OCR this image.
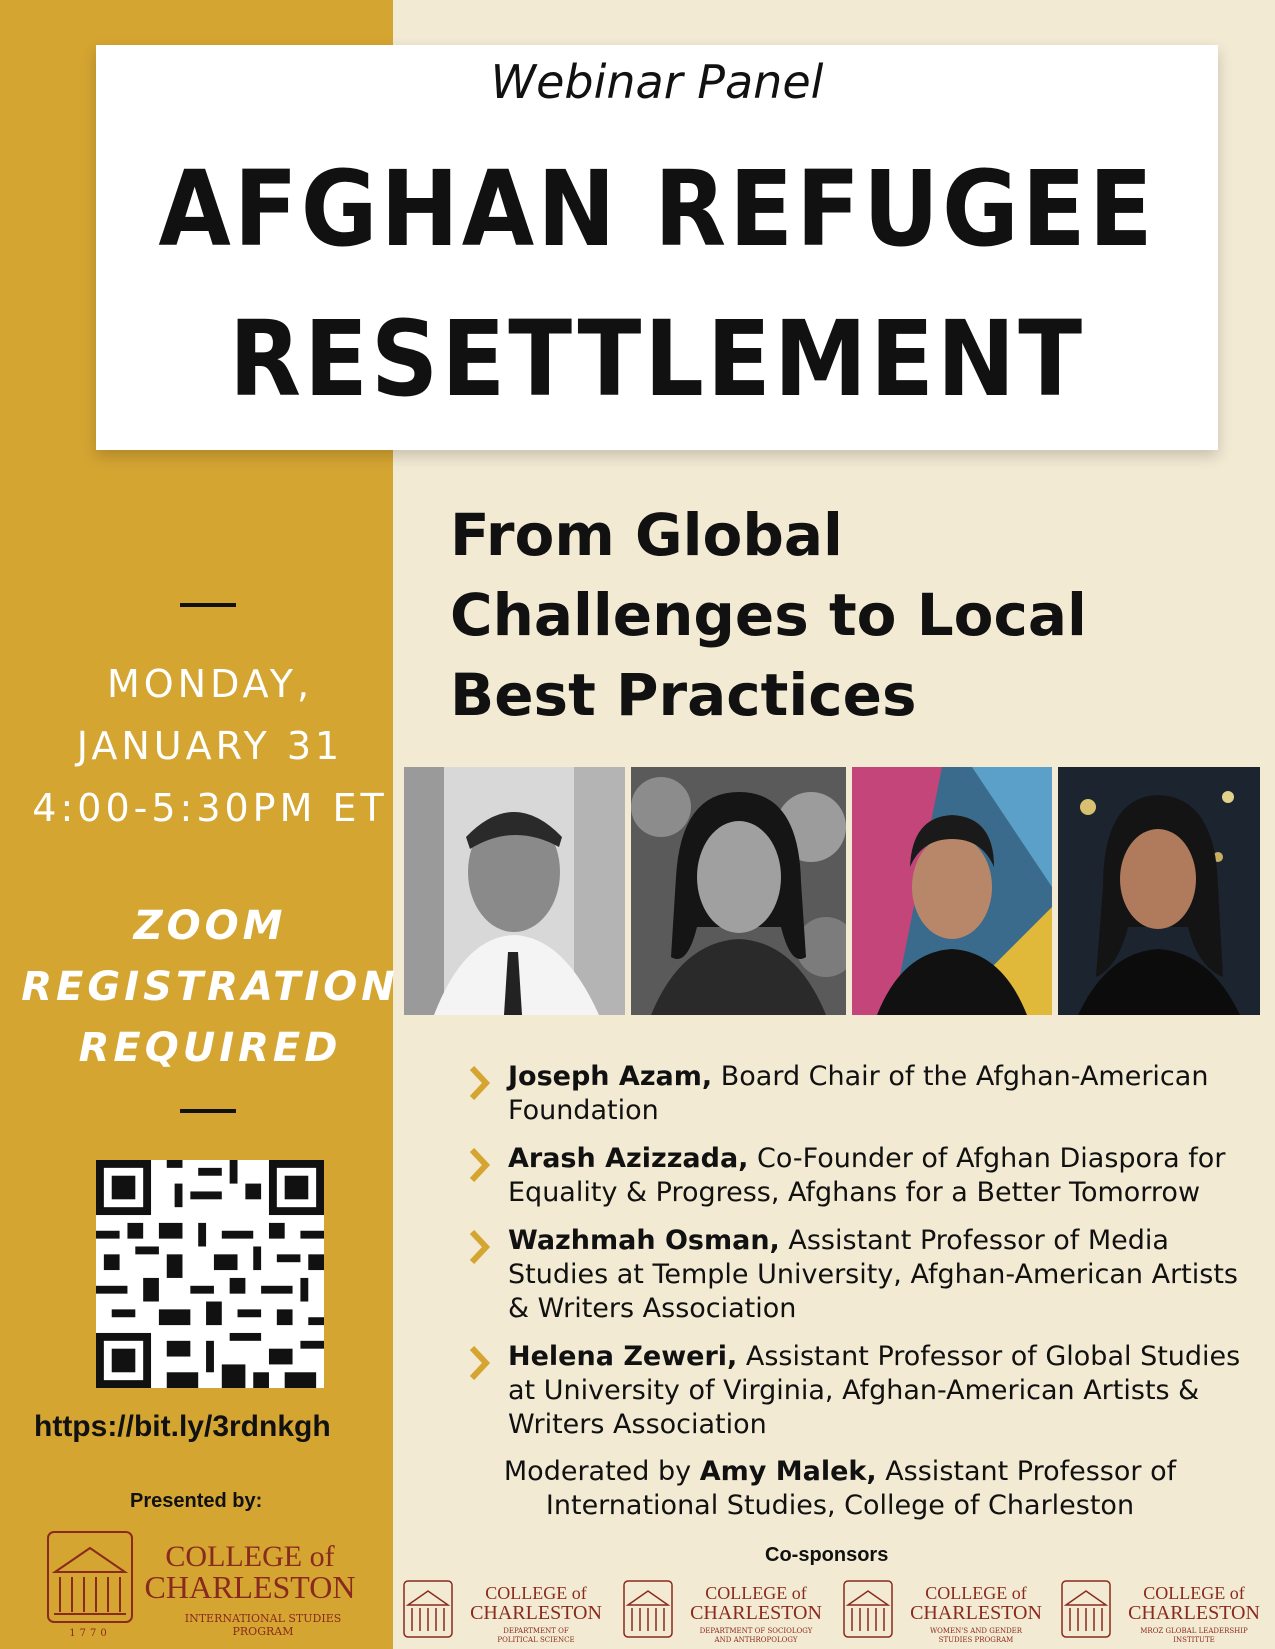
Webinar Panel
AFGHAN REFUGEE
RESETTLEMENT
From Global
Challenges to Local
Best Practices
MONDAY,
JANUARY 31
4:00-5:30PM ET
ZOOM
REGISTRATION
REQUIRED
https://bit.ly/3rdnkgh
Presented by:
1770
COLLEGE of
CHARLESTON
INTERNATIONAL STUDIES
PROGRAM
Joseph Azam, Board Chair of the Afghan-American Foundation
Arash Azizzada, Co-Founder of Afghan Diaspora for Equality & Progress, Afghans for a Better Tomorrow
Wazhmah Osman, Assistant Professor of Media Studies at Temple University, Afghan-American Artists & Writers Association
Helena Zeweri, Assistant Professor of Global Studies at University of Virginia, Afghan-American Artists & Writers Association
Moderated by Amy Malek, Assistant Professor of International Studies, College of Charleston
Co-sponsors
COLLEGE of
CHARLESTON
DEPARTMENT OF
POLITICAL SCIENCE
COLLEGE of
CHARLESTON
DEPARTMENT OF SOCIOLOGY
AND ANTHROPOLOGY
COLLEGE of
CHARLESTON
WOMEN'S AND GENDER
STUDIES PROGRAM
COLLEGE of
CHARLESTON
MROZ GLOBAL LEADERSHIP
INSTITUTE
